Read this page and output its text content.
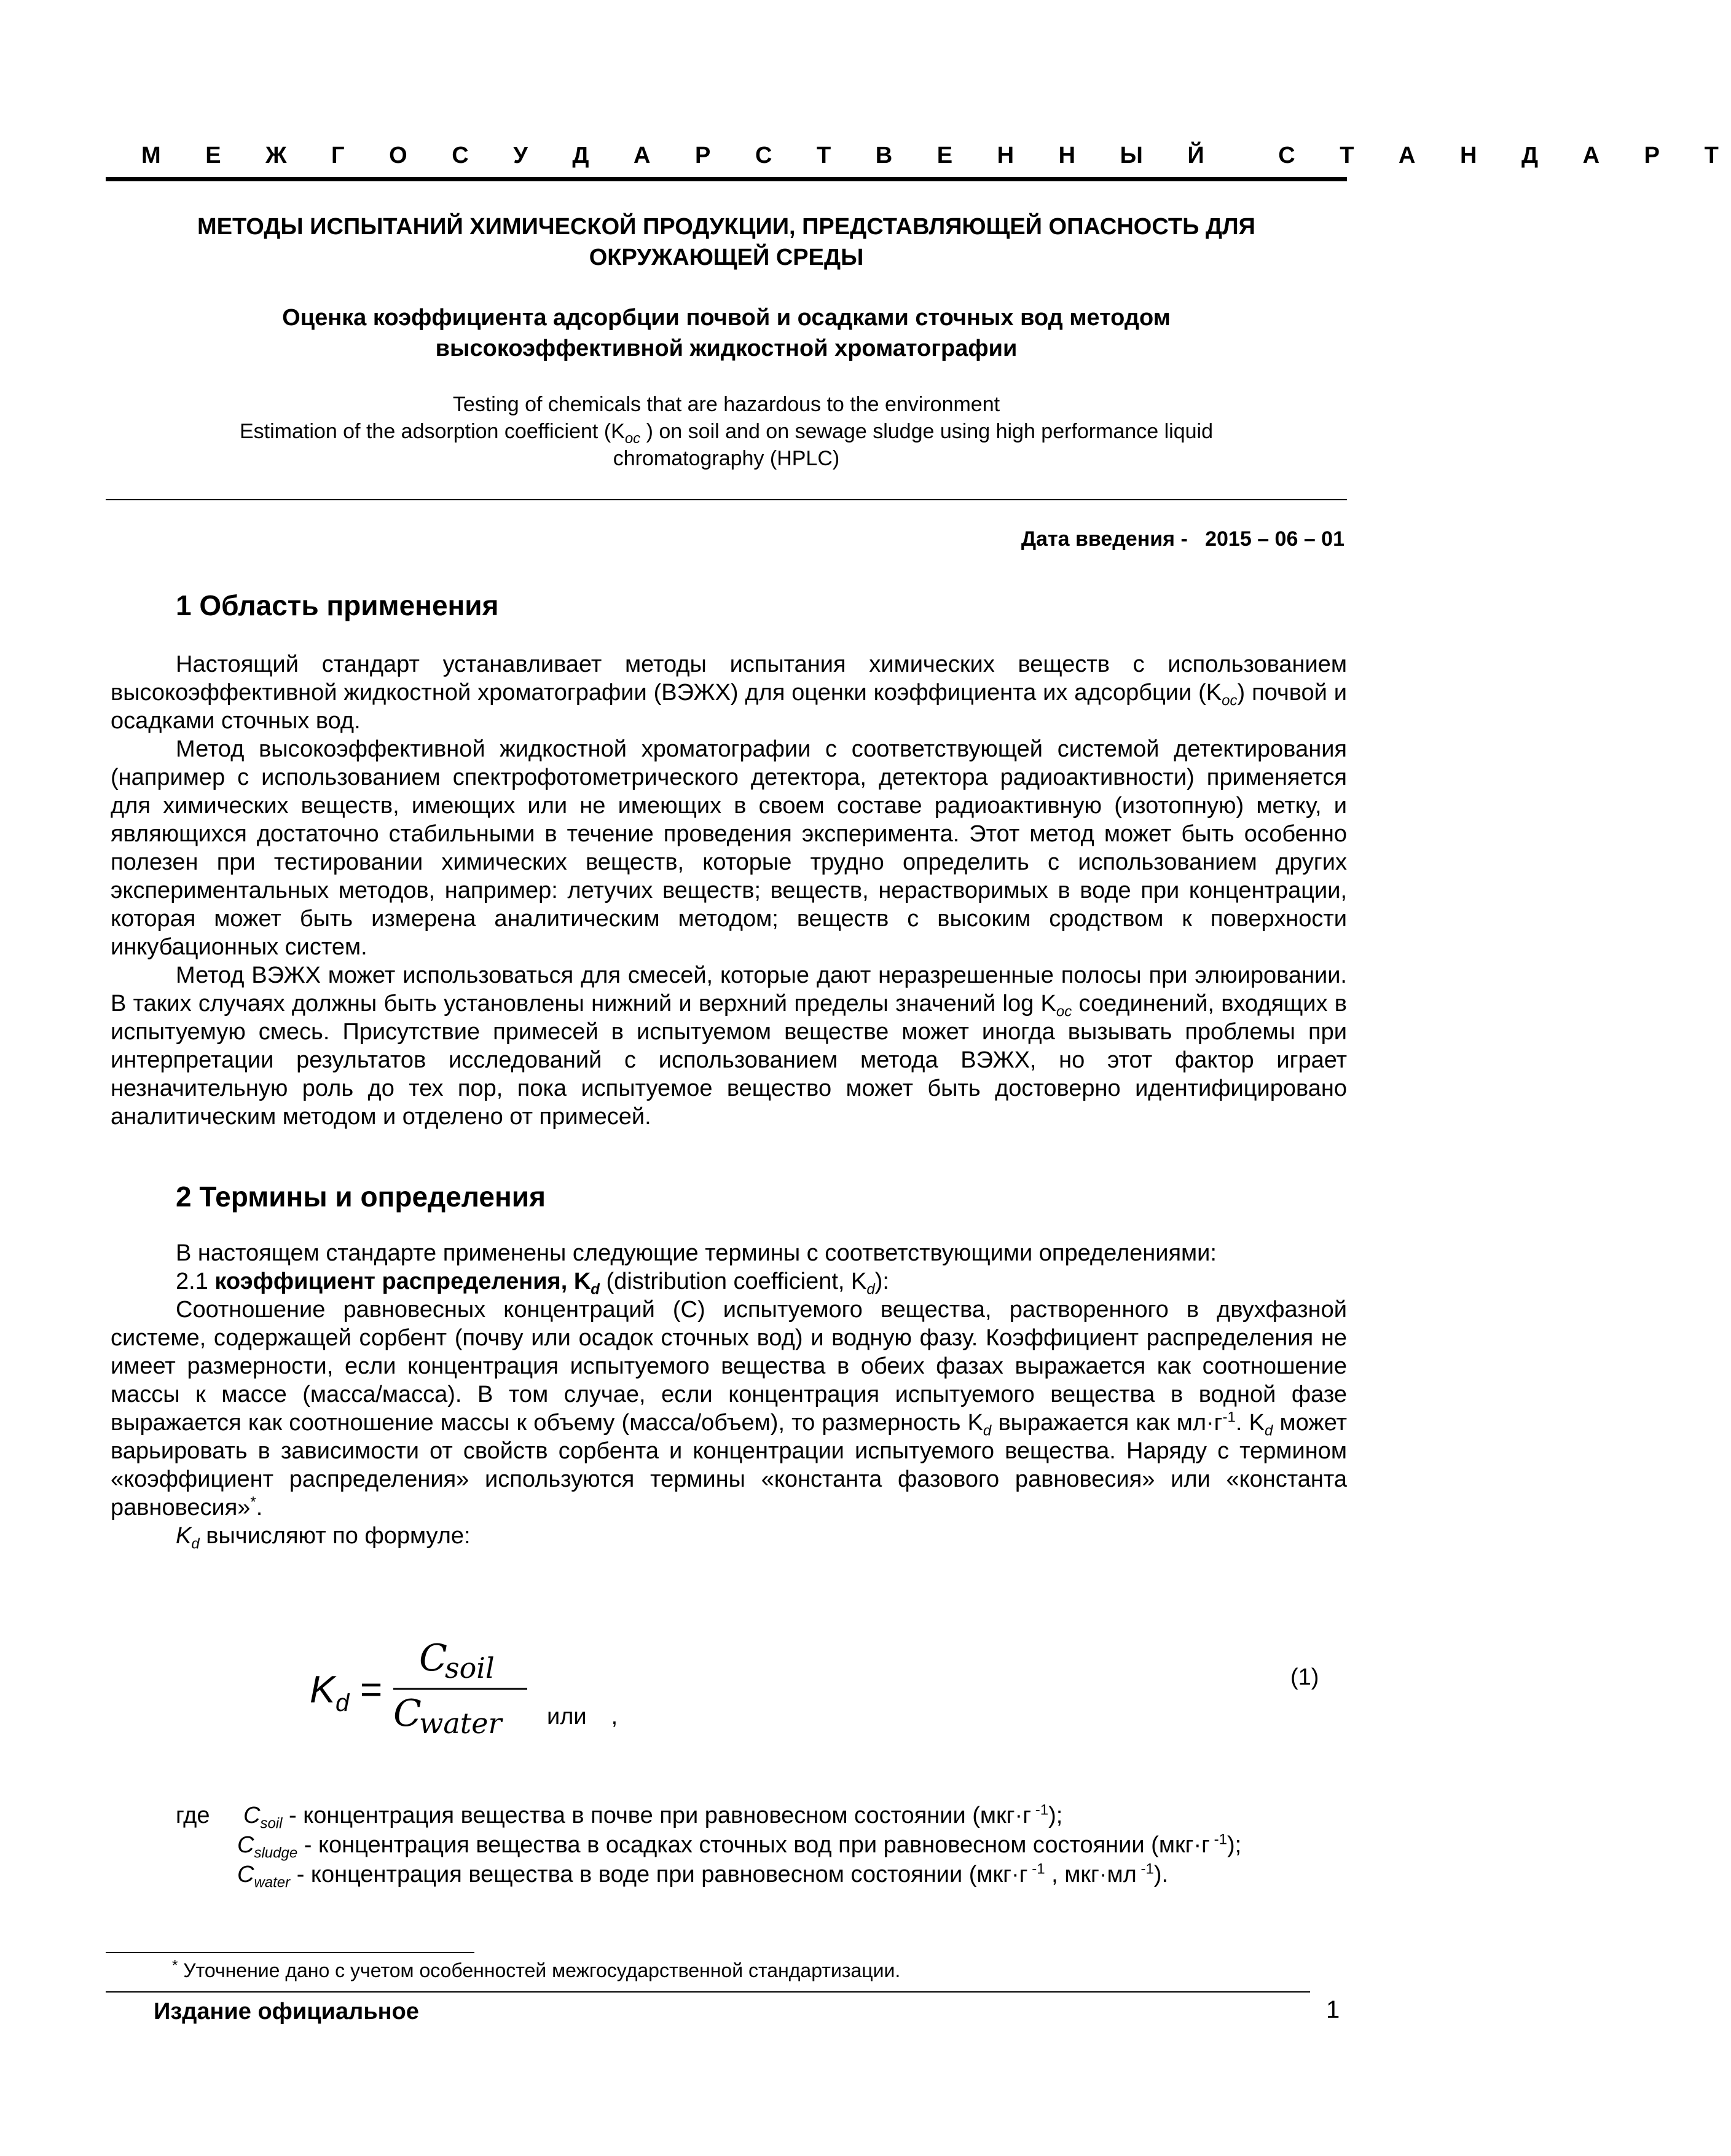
М Е Ж Г О С У Д А Р С Т В Е Н Н Ы Й	С Т А Н Д А Р Т
МЕТОДЫ ИСПЫТАНИЙ ХИМИЧЕСКОЙ ПРОДУКЦИИ, ПРЕДСТАВЛЯЮЩЕЙ ОПАСНОСТЬ ДЛЯ
ОКРУЖАЮЩЕЙ СРЕДЫ
Оценка коэффициента адсорбции почвой и осадками сточных вод методом
высокоэффективной жидкостной хроматографии
Testing of chemicals that are hazardous to the environment
Estimation of the adsorption coefficient ($K_{oc}$ ) on soil and on sewage sludge using high performance liquid
chromatography (HPLC)
Дата введения - 2015 – 06 – 01
1 Область применения

Настоящий стандарт устанавливает методы испытания химических веществ с использованием высокоэффективной жидкостной хроматографии (ВЭЖХ) для оценки коэффициента их адсорбции $(K_{oc})$ почвой и осадками сточных вод.

Метод высокоэффективной жидкостной хроматографии с соответствующей системой детектирования (например с использованием спектрофотометрического детектора, детектора радиоактивности) применяется для химических веществ, имеющих или не имеющих в своем составе радиоактивную (изотопную) метку, и являющихся достаточно стабильными в течение проведения эксперимента. Этот метод может быть особенно полезен при тестировании химических веществ, которые трудно определить с использованием других экспериментальных методов, например: летучих веществ; веществ, нерастворимых в воде при концентрации, которая может быть измерена аналитическим методом; веществ с высоким сродством к поверхности инкубационных систем.

Метод ВЭЖХ может использоваться для смесей, которые дают неразрешенные полосы при элюировании. В таких случаях должны быть установлены нижний и верхний пределы значений $\log K_{oc}$ соединений, входящих в испытуемую смесь. Присутствие примесей в испытуемом веществе может иногда вызывать проблемы при интерпретации результатов исследований с использованием метода ВЭЖХ, но этот фактор играет незначительную роль до тех пор, пока испытуемое вещество может быть достоверно идентифицировано аналитическим методом и отделено от примесей.

2 Термины и определения

В настоящем стандарте применены следующие термины с соответствующими определениями:

2.1 коэффициент распределения, $K_d$ (distribution coefficient, $K_d$):

Соотношение равновесных концентраций (C) испытуемого вещества, растворенного в двухфазной системе, содержащей сорбент (почву или осадок сточных вод) и водную фазу. Коэффициент распределения не имеет размерности, если концентрация испытуемого вещества в обеих фазах выражается как соотношение массы к массе (масса/масса). В том случае, если концентрация испытуемого вещества в водной фазе выражается как соотношение массы к объему (масса/объем), то размерность $K_d$ выражается как $мл\cdot г^{-1}$. $K_d$ может варьировать в зависимости от свойств сорбента и концентрации испытуемого вещества. Наряду с термином «коэффициент распределения» используются термины «константа фазового равновесия» или «константа равновесия»*.

$K_d$ вычисляют по формуле:

K d =
C
soil
C
water или ,
(1)
где $C_{soil}$ - концентрация вещества в почве при равновесном состоянии (мкг·г $^{-1}$);
$C_{sludge}$ - концентрация вещества в осадках сточных вод при равновесном состоянии (мкг·г $^{-1}$);
$C_{water}$ - концентрация вещества в воде при равновесном состоянии (мкг·г $^{-1}$ , мкг·мл $^{-1}$).
* Уточнение дано с учетом особенностей межгосударственной стандартизации.
Издание официальное	1
